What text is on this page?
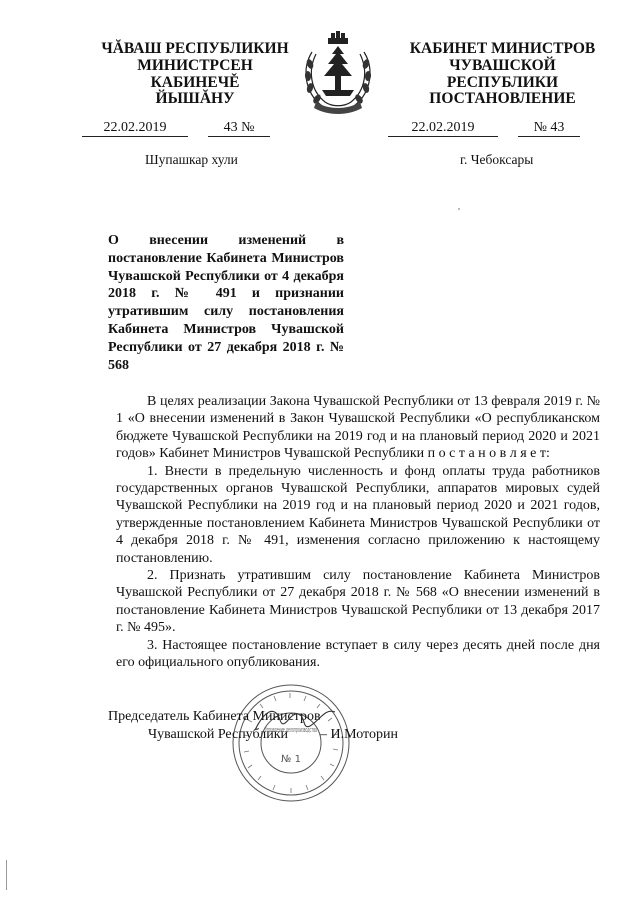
ЧĂВАШ РЕСПУБЛИКИН
МИНИСТРСЕН КАБИНЕЧĚ
ЙЫШĂНУ
КАБИНЕТ МИНИСТРОВ
ЧУВАШСКОЙ РЕСПУБЛИКИ
ПОСТАНОВЛЕНИЕ
22.02.2019	43 №	22.02.2019	№ 43
Шупашкар хули	г. Чебоксары
О внесении изменений в постановление Кабинета Министров Чувашской Республики от 4 декабря 2018 г. № 491 и признании утратившим силу постановления Кабинета Министров Чувашской Республики от 27 декабря 2018 г. № 568

В целях реализации Закона Чувашской Республики от 13 февраля 2019 г. № 1 «О внесении изменений в Закон Чувашской Республики «О республиканском бюджете Чувашской Республики на 2019 год и на плановый период 2020 и 2021 годов» Кабинет Министров Чувашской Республики п о с т а н о в л я е т:

1. Внести в предельную численность и фонд оплаты труда работников государственных органов Чувашской Республики, аппаратов мировых судей Чувашской Республики на 2019 год и на плановый период 2020 и 2021 годов, утвержденные постановлением Кабинета Министров Чувашской Республики от 4 декабря 2018 г. № 491, изменения согласно приложению к настоящему постановлению.

2. Признать утратившим силу постановление Кабинета Министров Чувашской Республики от 27 декабря 2018 г. № 568 «О внесении изменений в постановление Кабинета Министров Чувашской Республики от 13 декабря 2017 г. № 495».

3. Настоящее постановление вступает в силу через десять дней после дня его официального опубликования.

Управление делопроизводства
№ 1
Председатель Кабинета Министров
Чувашской Республики – И.Моторин
